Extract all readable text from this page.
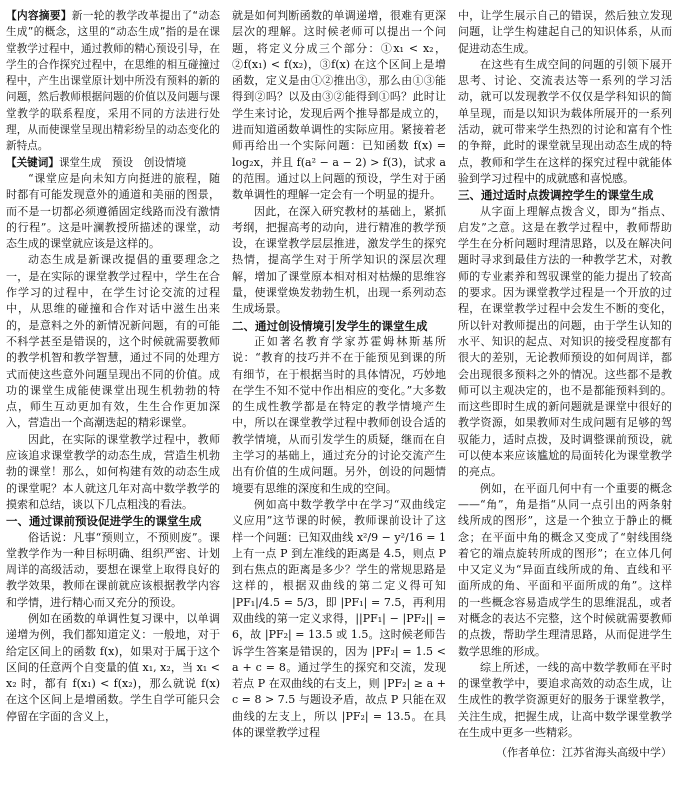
【内容摘要】新一轮的教学改革提出了“动态生成”的概念，这里的“动态生成”指的是在课堂教学过程中，通过教师的精心预设引导，在学生的合作探究过程中，在思维的相互碰撞过程中，产生出课堂原计划中所没有预料的新的问题，然后教师根据问题的价值以及问题与课堂教学的联系程度，采用不同的方法进行处理，从而使课堂呈现出精彩纷呈的动态变化的新特点。

【关键词】课堂生成　预设　创设情境

“课堂应是向未知方向挺进的旅程，随时都有可能发现意外的通道和美丽的图景，而不是一切都必须遵循固定线路而没有激情的行程”。这是叶澜教授所描述的课堂，动态生成的课堂就应该是这样的。

动态生成是新课改提倡的重要理念之一，是在实际的课堂教学过程中，学生在合作学习的过程中，在学生讨论交流的过程中，从思维的碰撞和合作对话中滋生出来的，是意料之外的新情况新问题，有的可能不科学甚至是错误的，这个时候就需要教师的教学机智和教学智慧，通过不同的处理方式而使这些意外问题呈现出不同的价值。成功的课堂生成能使课堂出现生机勃勃的特点，师生互动更加有效，生生合作更加深入，营造出一个高潮迭起的精彩课堂。

因此，在实际的课堂教学过程中，教师应该追求课堂教学的动态生成，营造生机勃勃的课堂！那么，如何构建有效的动态生成的课堂呢？本人就这几年对高中数学教学的摸索和总结，谈以下几点粗浅的看法。

一、通过课前预设促进学生的课堂生成

俗话说：凡事“预则立，不预则废”。课堂教学作为一种目标明确、组织严密、计划周详的高级活动，要想在课堂上取得良好的教学效果，教师在课前就应该根据教学内容和学情，进行精心而又充分的预设。

例如在函数的单调性复习课中，以单调递增为例，我们都知道定义：一般地，对于给定区间上的函数 f(x)，如果对于属于这个区间的任意两个自变量的值 x₁, x₂，当 x₁ < x₂ 时，都有 f(x₁) < f(x₂)，那么就说 f(x) 在这个区间上是增函数。学生自学可能只会停留在字面的含义上，

就是如何判断函数的单调递增，很难有更深层次的理解。这时候老师可以提出一个问题，将定义分成三个部分：①x₁ < x₂，②f(x₁) < f(x₂)，③f(x) 在这个区间上是增函数，定义是由①②推出③，那么由①③能得到②吗？以及由③②能得到①吗？此时让学生来讨论，发现后两个推导都是成立的，进而知道函数单调性的实际应用。紧接着老师再给出一个实际问题：已知函数 f(x) = log₂x，并且 f(a² − a − 2) > f(3)，试求 a 的范围。通过以上问题的预设，学生对于函数单调性的理解一定会有一个明显的提升。

因此，在深入研究教材的基础上，紧抓考纲，把握高考的动向，进行精准的教学预设，在课堂教学层层推进，激发学生的探究热情，提高学生对于所学知识的深层次理解，增加了课堂原本相对相对枯燥的思维容量，使课堂焕发勃勃生机，出现一系列动态生成场景。

二、通过创设情境引发学生的课堂生成

正如著名教育学家苏霍姆林斯基所说：“教育的技巧并不在于能预见到课的所有细节，在于根据当时的具体情况，巧妙地在学生不知不觉中作出相应的变化。”大多数的生成性教学都是在特定的教学情境产生中，所以在课堂教学过程中教师创设合适的教学情境，从而引发学生的质疑，继而在自主学习的基础上，通过充分的讨论交流产生出有价值的生成问题。另外，创设的问题情境要有思维的深度和生成的空间。

例如高中数学教学中在学习“双曲线定义应用”这节课的时候，教师课前设计了这样一个问题：已知双曲线 x²/9 − y²/16 = 1 上有一点 P 到左准线的距离是 4.5，则点 P 到右焦点的距离是多少？学生的常规思路是这样的，根据双曲线的第二定义得可知 |PF₁|/4.5 = 5/3，即 |PF₁| = 7.5，再利用双曲线的第一定义求得，||PF₁| − |PF₂|| = 6，故 |PF₂| = 13.5 或 1.5。这时候老师告诉学生答案是错误的，因为 |PF₂| = 1.5 < a + c = 8。通过学生的探究和交流，发现若点 P 在双曲线的右支上，则 |PF₂| ≥ a + c = 8 > 7.5 与题设矛盾，故点 P 只能在双曲线的左支上，所以 |PF₂| = 13.5。在具体的课堂教学过程

中，让学生展示自己的错误，然后独立发现问题，让学生构建起自己的知识体系，从而促进动态生成。

在这些有生成空间的问题的引领下展开思考、讨论、交流表达等一系列的学习活动，就可以发现教学不仅仅是学科知识的简单呈现，而是以知识为载体所展开的一系列活动，就可带来学生热烈的讨论和富有个性的争辩，此时的课堂就呈现出动态生成的特点，教师和学生在这样的探究过程中就能体验到学习过程中的成就感和喜悦感。

三、通过适时点拨调控学生的课堂生成

从字面上理解点拨含义，即为“指点、启发”之意。这是在教学过程中，教师帮助学生在分析问题时理清思路，以及在解决问题时寻求到最佳方法的一种教学艺术，对教师的专业素养和驾驭课堂的能力提出了较高的要求。因为课堂教学过程是一个开放的过程，在课堂教学过程中会发生不断的变化，所以针对教师提出的问题，由于学生认知的水平、知识的起点、对知识的接受程度都有很大的差别，无论教师预设的如何周详，都会出现很多预料之外的情况。这些都不是教师可以主观决定的，也不是都能预料到的。而这些即时生成的新问题就是课堂中很好的教学资源，如果教师对生成问题有足够的驾驭能力，适时点拨，及时调整课前预设，就可以使本来应该尴尬的局面转化为课堂教学的亮点。

例如，在平面几何中有一个重要的概念——“角”，角是指“从同一点引出的两条射线所成的图形”，这是一个独立于静止的概念；在平面中角的概念又变成了“射线围绕着它的端点旋转所成的图形”；在立体几何中又定义为“异面直线所成的角、直线和平面所成的角、平面和平面所成的角”。这样的一些概念容易造成学生的思维混乱，或者对概念的表达不完整，这个时候就需要教师的点拨，帮助学生理清思路，从而促进学生数学思维的形成。

综上所述，一线的高中数学教师在平时的课堂教学中，要追求高效的动态生成，让生成性的教学资源更好的服务于课堂教学，关注生成，把握生成，让高中数学课堂教学在生成中更多一些精彩。

（作者单位：江苏省海头高级中学）
